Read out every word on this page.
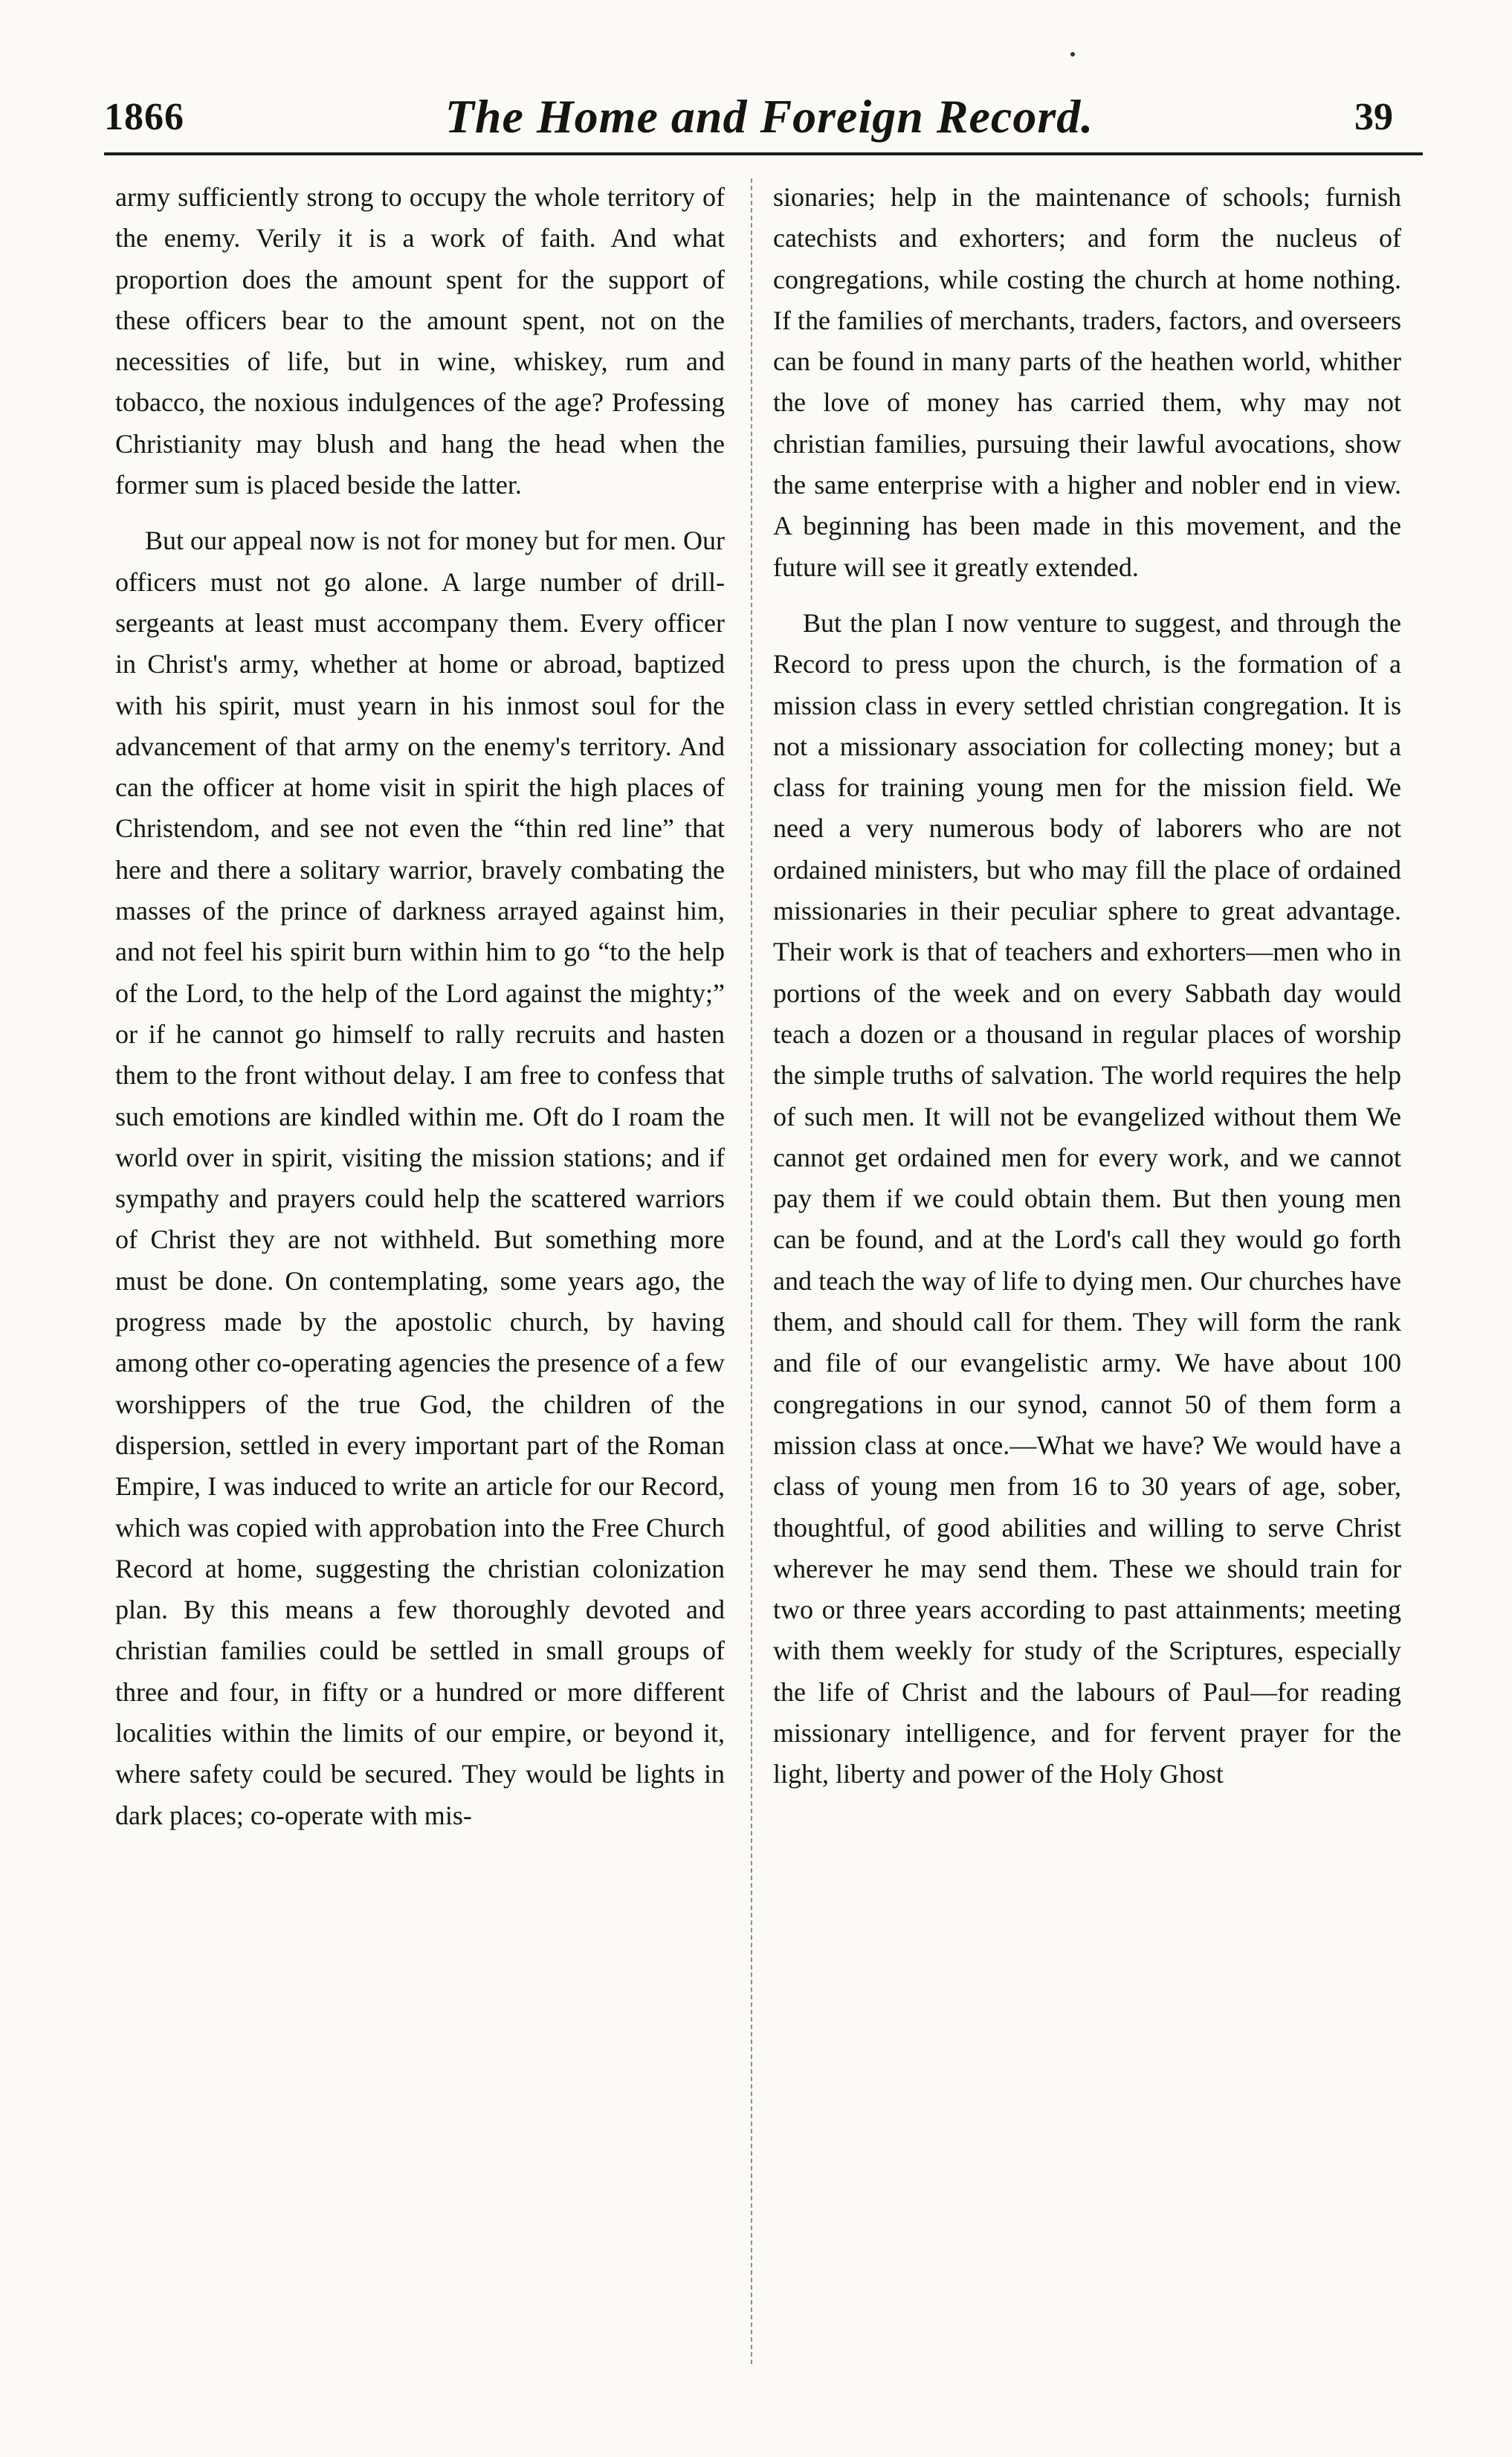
1866	The Home and Foreign Record.	39

army sufficiently strong to occupy the whole territory of the enemy. Verily it is a work of faith. And what proportion does the amount spent for the support of these officers bear to the amount spent, not on the necessities of life, but in wine, whiskey, rum and tobacco, the noxious indulgences of the age? Professing Christianity may blush and hang the head when the former sum is placed beside the latter.

But our appeal now is not for money but for men. Our officers must not go alone. A large number of drill-sergeants at least must accompany them. Every officer in Christ's army, whether at home or abroad, baptized with his spirit, must yearn in his inmost soul for the advancement of that army on the enemy's territory. And can the officer at home visit in spirit the high places of Christendom, and see not even the “thin red line” that here and there a solitary warrior, bravely combating the masses of the prince of darkness arrayed against him, and not feel his spirit burn within him to go “to the help of the Lord, to the help of the Lord against the mighty;” or if he cannot go himself to rally recruits and hasten them to the front without delay. I am free to confess that such emotions are kindled within me. Oft do I roam the world over in spirit, visiting the mission stations; and if sympathy and prayers could help the scattered warriors of Christ they are not withheld. But something more must be done. On contemplating, some years ago, the progress made by the apostolic church, by having among other co-operating agencies the presence of a few worshippers of the true God, the children of the dispersion, settled in every important part of the Roman Empire, I was induced to write an article for our Record, which was copied with approbation into the Free Church Record at home, suggesting the christian colonization plan. By this means a few thoroughly devoted and christian families could be settled in small groups of three and four, in fifty or a hundred or more different localities within the limits of our empire, or beyond it, where safety could be secured. They would be lights in dark places; co-operate with mis-

sionaries; help in the maintenance of schools; furnish catechists and exhorters; and form the nucleus of congregations, while costing the church at home nothing. If the families of merchants, traders, factors, and overseers can be found in many parts of the heathen world, whither the love of money has carried them, why may not christian families, pursuing their lawful avocations, show the same enterprise with a higher and nobler end in view. A beginning has been made in this movement, and the future will see it greatly extended.

But the plan I now venture to suggest, and through the Record to press upon the church, is the formation of a mission class in every settled christian congregation. It is not a missionary association for collecting money; but a class for training young men for the mission field. We need a very numerous body of laborers who are not ordained ministers, but who may fill the place of ordained missionaries in their peculiar sphere to great advantage. Their work is that of teachers and exhorters—men who in portions of the week and on every Sabbath day would teach a dozen or a thousand in regular places of worship the simple truths of salvation. The world requires the help of such men. It will not be evangelized without them We cannot get ordained men for every work, and we cannot pay them if we could obtain them. But then young men can be found, and at the Lord's call they would go forth and teach the way of life to dying men. Our churches have them, and should call for them. They will form the rank and file of our evangelistic army. We have about 100 congregations in our synod, cannot 50 of them form a mission class at once.—What we have? We would have a class of young men from 16 to 30 years of age, sober, thoughtful, of good abilities and willing to serve Christ wherever he may send them. These we should train for two or three years according to past attainments; meeting with them weekly for study of the Scriptures, especially the life of Christ and the labours of Paul—for reading missionary intelligence, and for fervent prayer for the light, liberty and power of the Holy Ghost
